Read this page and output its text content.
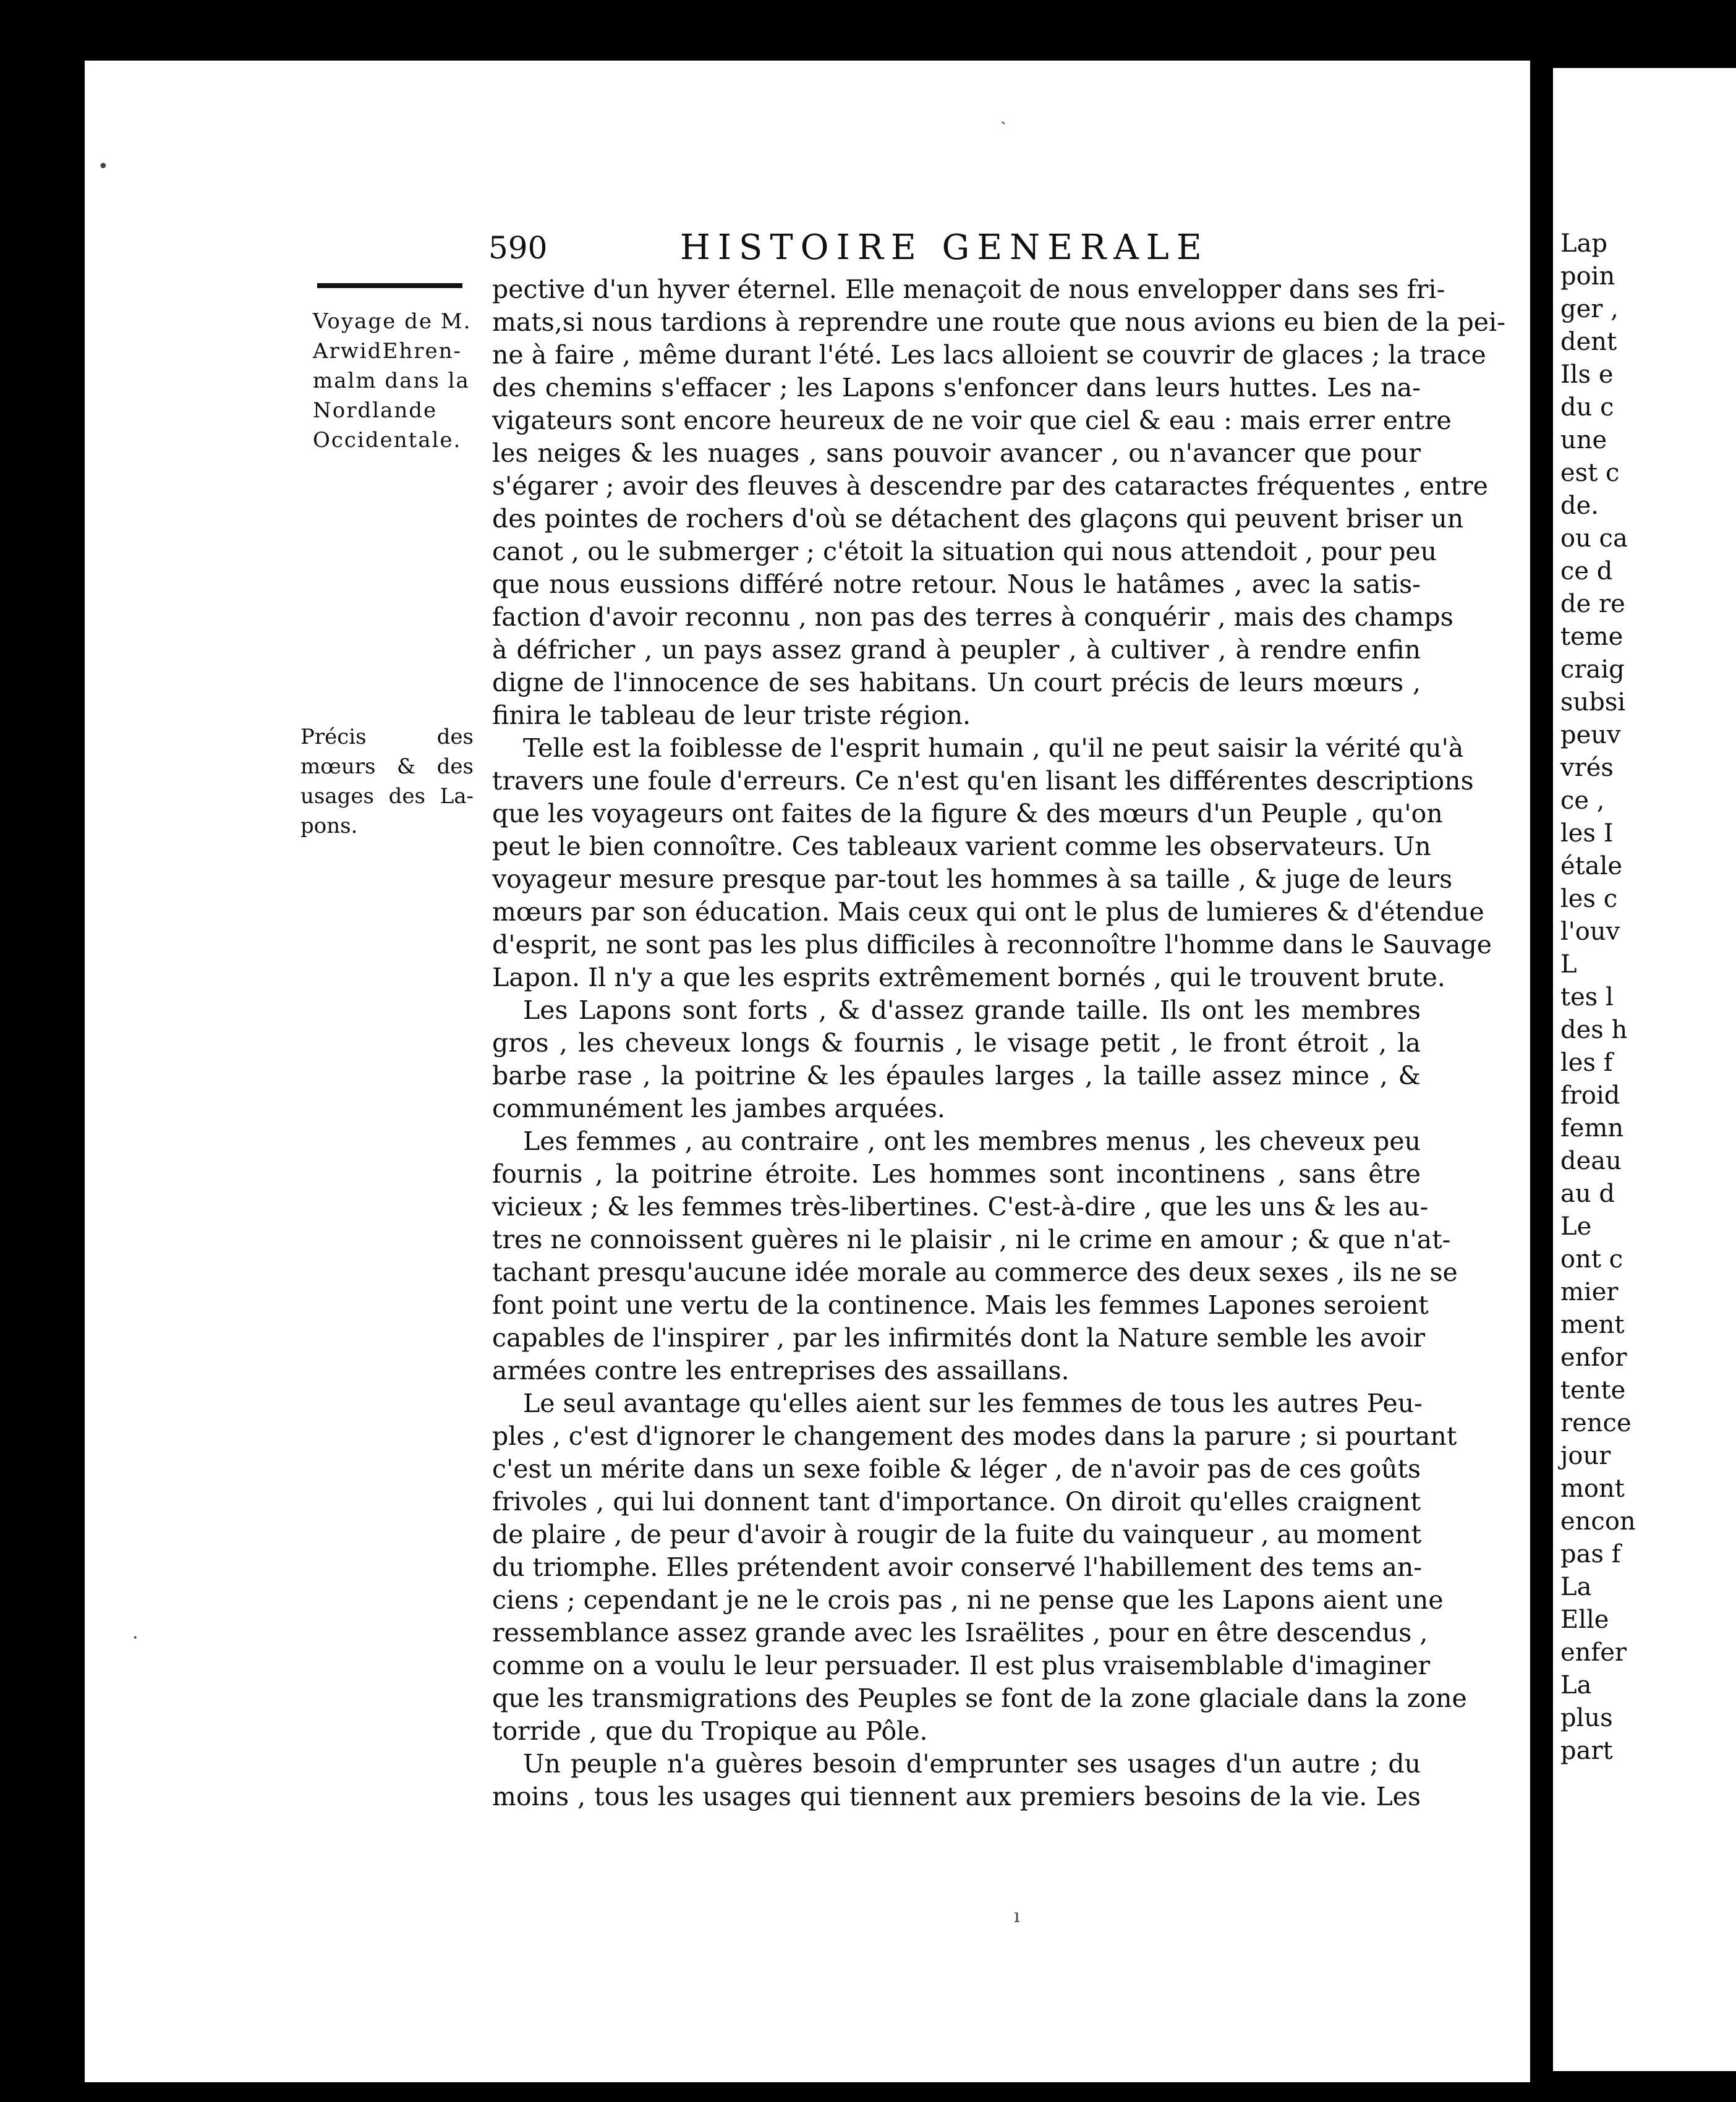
Lap
poin
ger ,
dent
Ils e
du c
une
est c
de.
ou ca
ce d
de re
teme
craig
subsi
peuv
vrés
ce ,
les I
étale
les c
l'ouv
L
tes l
des h
les f
froid
femn
deau
au d
Le
ont c
mier
ment
enfor
tente
rence
jour
mont
encon
pas f
La
Elle
enfer
La
plus
part
590	HISTOIRE GENERALE
Voyage de M.
ArwidEhren-
malm dans la
Nordlande
Occidentale.
Précis des
mœurs & des
usages des La-
pons.
pective d'un hyver éternel. Elle menaçoit de nous envelopper dans ses fri-
mats,si nous tardions à reprendre une route que nous avions eu bien de la pei-
ne à faire , même durant l'été. Les lacs alloient se couvrir de glaces ; la trace
des chemins s'effacer ; les Lapons s'enfoncer dans leurs huttes. Les na-
vigateurs sont encore heureux de ne voir que ciel & eau : mais errer entre
les neiges & les nuages , sans pouvoir avancer , ou n'avancer que pour
s'égarer ; avoir des fleuves à descendre par des cataractes fréquentes , entre
des pointes de rochers d'où se détachent des glaçons qui peuvent briser un
canot , ou le submerger ; c'étoit la situation qui nous attendoit , pour peu
que nous eussions différé notre retour. Nous le hatâmes , avec la satis-
faction d'avoir reconnu , non pas des terres à conquérir , mais des champs
à défricher , un pays assez grand à peupler , à cultiver , à rendre enfin
digne de l'innocence de ses habitans. Un court précis de leurs mœurs ,
finira le tableau de leur triste région.
Telle est la foiblesse de l'esprit humain , qu'il ne peut saisir la vérité qu'à
travers une foule d'erreurs. Ce n'est qu'en lisant les différentes descriptions
que les voyageurs ont faites de la figure & des mœurs d'un Peuple , qu'on
peut le bien connoître. Ces tableaux varient comme les observateurs. Un
voyageur mesure presque par-tout les hommes à sa taille , & juge de leurs
mœurs par son éducation. Mais ceux qui ont le plus de lumieres & d'étendue
d'esprit, ne sont pas les plus difficiles à reconnoître l'homme dans le Sauvage
Lapon. Il n'y a que les esprits extrêmement bornés , qui le trouvent brute.
Les Lapons sont forts , & d'assez grande taille. Ils ont les membres
gros , les cheveux longs & fournis , le visage petit , le front étroit , la
barbe rase , la poitrine & les épaules larges , la taille assez mince , &
communément les jambes arquées.
Les femmes , au contraire , ont les membres menus , les cheveux peu
fournis , la poitrine étroite. Les hommes sont incontinens , sans être
vicieux ; & les femmes très-libertines. C'est-à-dire , que les uns & les au-
tres ne connoissent guères ni le plaisir , ni le crime en amour ; & que n'at-
tachant presqu'aucune idée morale au commerce des deux sexes , ils ne se
font point une vertu de la continence. Mais les femmes Lapones seroient
capables de l'inspirer , par les infirmités dont la Nature semble les avoir
armées contre les entreprises des assaillans.
Le seul avantage qu'elles aient sur les femmes de tous les autres Peu-
ples , c'est d'ignorer le changement des modes dans la parure ; si pourtant
c'est un mérite dans un sexe foible & léger , de n'avoir pas de ces goûts
frivoles , qui lui donnent tant d'importance. On diroit qu'elles craignent
de plaire , de peur d'avoir à rougir de la fuite du vainqueur , au moment
du triomphe. Elles prétendent avoir conservé l'habillement des tems an-
ciens ; cependant je ne le crois pas , ni ne pense que les Lapons aient une
ressemblance assez grande avec les Israëlites , pour en être descendus ,
comme on a voulu le leur persuader. Il est plus vraisemblable d'imaginer
que les transmigrations des Peuples se font de la zone glaciale dans la zone
torride , que du Tropique au Pôle.
Un peuple n'a guères besoin d'emprunter ses usages d'un autre ; du
moins , tous les usages qui tiennent aux premiers besoins de la vie. Les
•
ˎ
ı
·
